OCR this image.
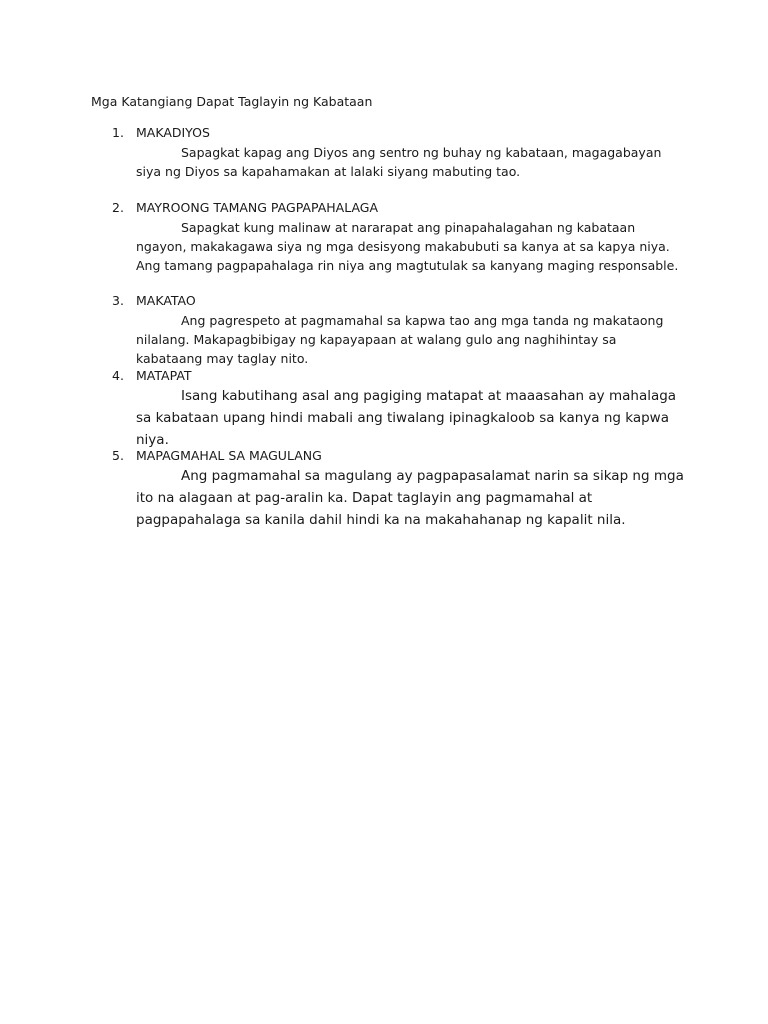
Mga Katangiang Dapat Taglayin ng Kabataan
1. MAKADIYOS
Sapagkat kapag ang Diyos ang sentro ng buhay ng kabataan, magagabayan siya ng Diyos sa kapahamakan at lalaki siyang mabuting tao.
2. MAYROONG TAMANG PAGPAPAHALAGA
Sapagkat kung malinaw at nararapat ang pinapahalagahan ng kabataan ngayon, makakagawa siya ng mga desisyong makabubuti sa kanya at sa kapya niya. Ang tamang pagpapahalaga rin niya ang magtutulak sa kanyang maging responsable.
3. MAKATAO
Ang pagrespeto at pagmamahal sa kapwa tao ang mga tanda ng makataong nilalang. Makapagbibigay ng kapayapaan at walang gulo ang naghihintay sa kabataang may taglay nito.
4. MATAPAT
Isang kabutihang asal ang pagiging matapat at maaasahan ay mahalaga sa kabataan upang hindi mabali ang tiwalang ipinagkaloob sa kanya ng kapwa niya.
5. MAPAGMAHAL SA MAGULANG
Ang pagmamahal sa magulang ay pagpapasalamat narin sa sikap ng mga ito na alagaan at pag-aralin ka. Dapat taglayin ang pagmamahal at pagpapahalaga sa kanila dahil hindi ka na makahahanap ng kapalit nila.
